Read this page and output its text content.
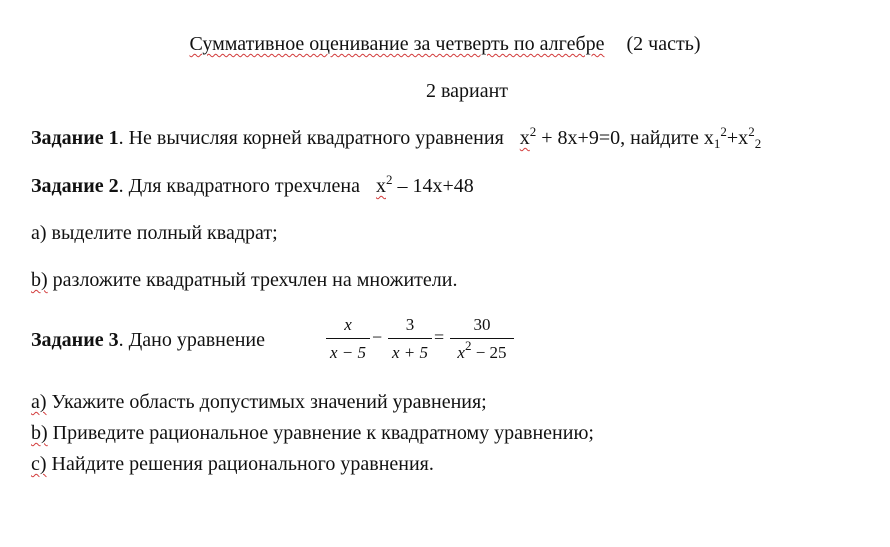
Суммативное оценивание за четверть по алгебре (2 часть)
2 вариант
Задание 1. Не вычисляя корней квадратного уравнения $x^2 + 8x+9=0$, найдите $x_1^2+x^2_2$
Задание 2. Для квадратного трехчлена $x^2 - 14x+48$
a) выделите полный квадрат;
b) разложите квадратный трехчлен на множители.
Задание 3. Дано уравнение
x
x − 5
−
3
x + 5
=
30
$x^2 - 25$
a) Укажите область допустимых значений уравнения;
b) Приведите рациональное уравнение к квадратному уравнению;
c) Найдите решения рационального уравнения.
